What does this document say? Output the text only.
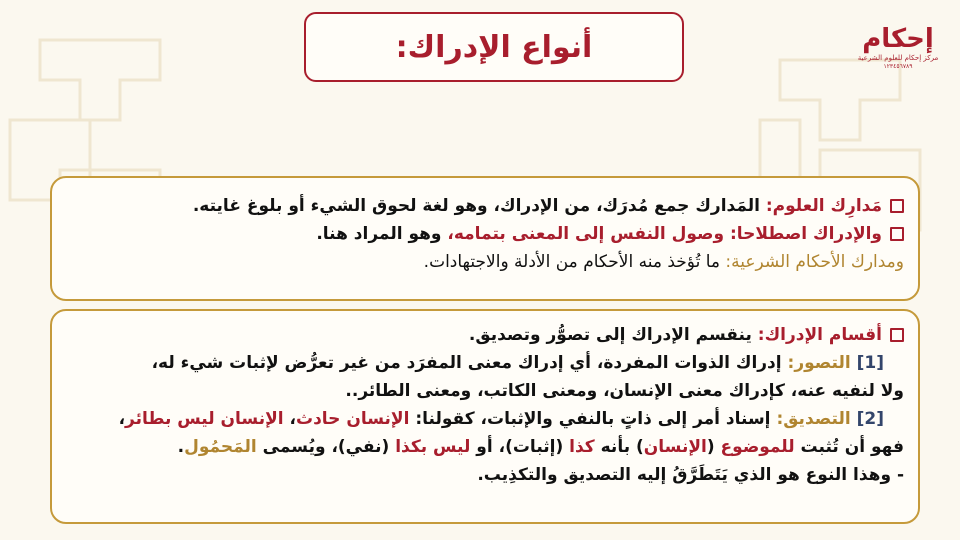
أنواع الإدراك:	إحكام
مركز إحكام للعلوم الشرعية
١٢٣٤٥٦٧٨٩
مَدارِك العلوم: المَدارك جمع مُدرَك، من الإدراك، وهو لغة لحوق الشيء أو بلوغ غايته.
والإدراك اصطلاحا: وصول النفس إلى المعنى بتمامه، وهو المراد هنا.
ومدارك الأحكام الشرعية: ما تُؤخذ منه الأحكام من الأدلة والاجتهادات.
أقسام الإدراك: ينقسم الإدراك إلى تصوُّر وتصديق.
[1] التصور: إدراك الذوات المفردة، أي إدراك معنى المفرَد من غير تعرُّض لإثبات شيء له،
ولا لنفيه عنه، كإدراك معنى الإنسان، ومعنى الكاتب، ومعنى الطائر..
[2] التصديق: إسناد أمر إلى ذاتٍ بالنفي والإثبات، كقولنا: الإنسان حادث، الإنسان ليس بطائر،
فهو أن تُثبت للموضوع (الإنسان) بأنه كذا (إثبات)، أو ليس بكذا (نفي)، ويُسمى المَحمُول.
- وهذا النوع هو الذي يَتَطَرَّقُ إليه التصديق والتكذِيب.
